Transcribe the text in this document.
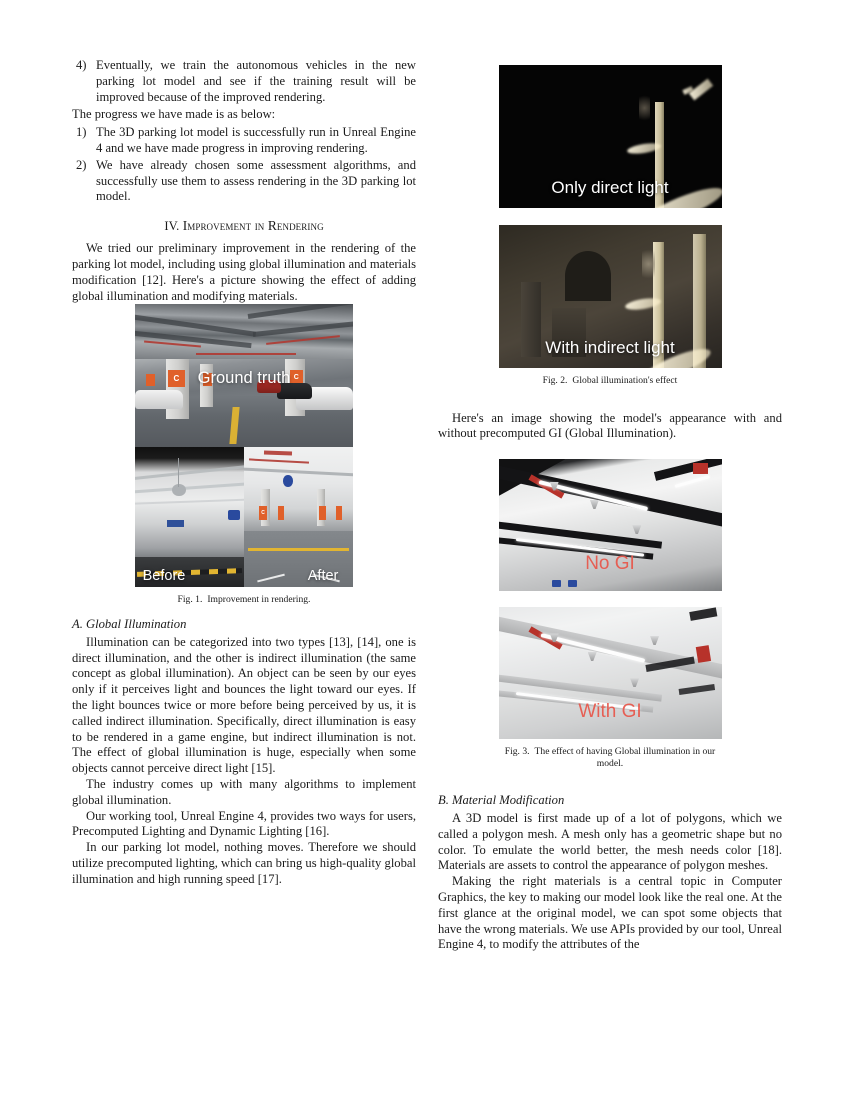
4) Eventually, we train the autonomous vehicles in the new parking lot model and see if the training result will be improved because of the improved rendering.

The progress we have made is as below:

1) The 3D parking lot model is successfully run in Unreal Engine 4 and we have made progress in improving rendering.
2) We have already chosen some assessment algorithms, and successfully use them to assess rendering in the 3D parking lot model.
IV. Improvement in Rendering

We tried our preliminary improvement in the rendering of the parking lot model, including using global illumination and materials modification [12]. Here's a picture showing the effect of adding global illumination and modifying materials.

C	C
Ground truth
Before
C
After
Fig. 1. Improvement in rendering.
A. Global Illumination

Illumination can be categorized into two types [13], [14], one is direct illumination, and the other is indirect illumination (the same concept as global illumination). An object can be seen by our eyes only if it perceives light and bounces the light toward our eyes. If the light bounces twice or more before being perceived by us, it is called indirect illumination. Specifically, direct illumination is easy to be rendered in a game engine, but indirect illumination is not. The effect of global illumination is huge, especially when some objects cannot perceive direct light [15].

The industry comes up with many algorithms to implement global illumination.

Our working tool, Unreal Engine 4, provides two ways for users, Precomputed Lighting and Dynamic Lighting [16].

In our parking lot model, nothing moves. Therefore we should utilize precomputed lighting, which can bring us high-quality global illumination and high running speed [17].

Only direct light
With indirect light
Fig. 2. Global illumination's effect

Here's an image showing the model's appearance with and without precomputed GI (Global Illumination).

No GI
With GI
Fig. 3. The effect of having Global illumination in our model.
B. Material Modification

A 3D model is first made up of a lot of polygons, which we called a polygon mesh. A mesh only has a geometric shape but no color. To emulate the world better, the mesh needs color [18]. Materials are assets to control the appearance of polygon meshes.

Making the right materials is a central topic in Computer Graphics, the key to making our model look like the real one. At the first glance at the original model, we can spot some objects that have the wrong materials. We use APIs provided by our tool, Unreal Engine 4, to modify the attributes of the
